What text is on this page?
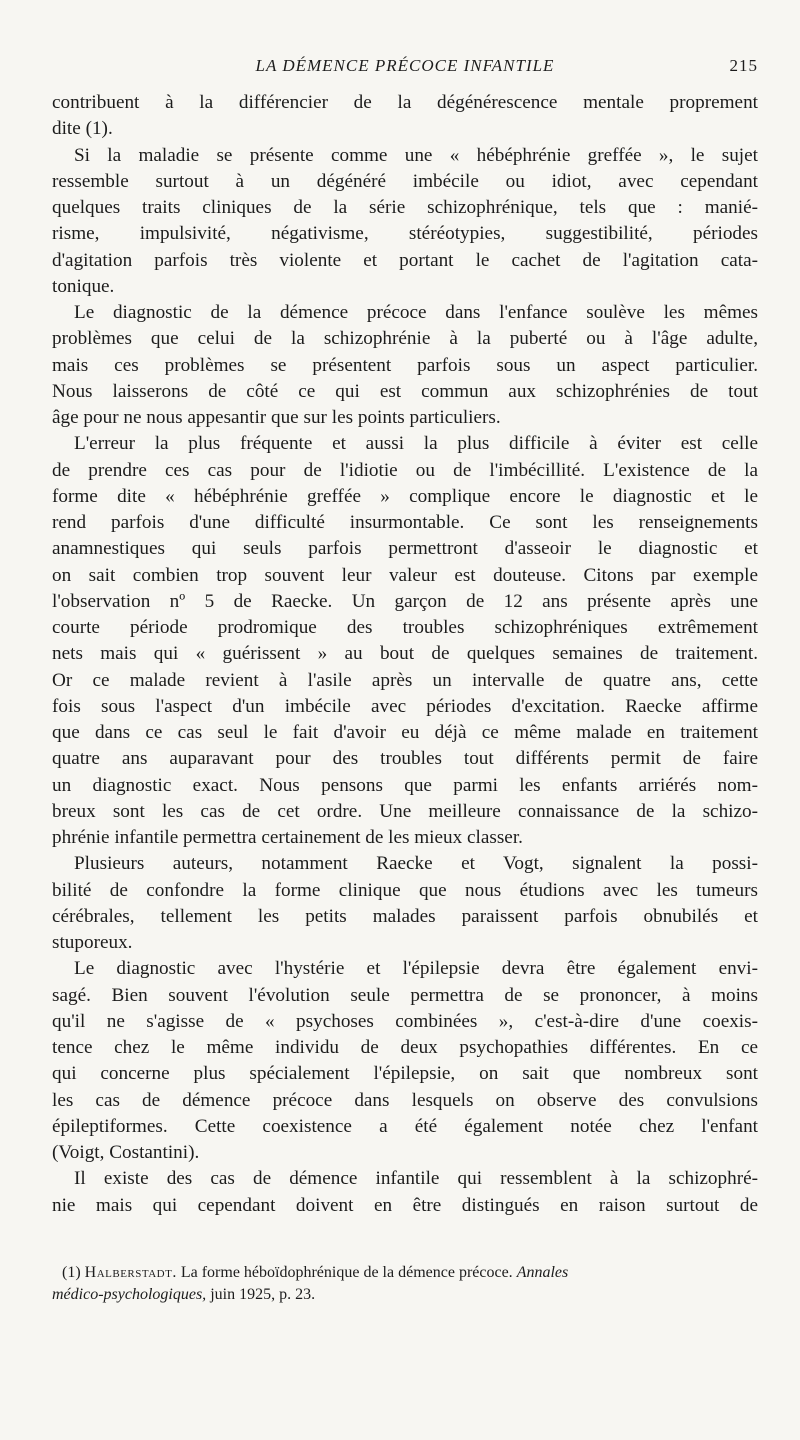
LA DÉMENCE PRÉCOCE INFANTILE	215
contribuent à la différencier de la dégénérescence mentale proprement
dite (1).
Si la maladie se présente comme une « hébéphrénie greffée », le sujet
ressemble surtout à un dégénéré imbécile ou idiot, avec cependant
quelques traits cliniques de la série schizophrénique, tels que : manié-
risme, impulsivité, négativisme, stéréotypies, suggestibilité, périodes
d'agitation parfois très violente et portant le cachet de l'agitation cata-
tonique.
Le diagnostic de la démence précoce dans l'enfance soulève les mêmes
problèmes que celui de la schizophrénie à la puberté ou à l'âge adulte,
mais ces problèmes se présentent parfois sous un aspect particulier.
Nous laisserons de côté ce qui est commun aux schizophrénies de tout
âge pour ne nous appesantir que sur les points particuliers.
L'erreur la plus fréquente et aussi la plus difficile à éviter est celle
de prendre ces cas pour de l'idiotie ou de l'imbécillité. L'existence de la
forme dite « hébéphrénie greffée » complique encore le diagnostic et le
rend parfois d'une difficulté insurmontable. Ce sont les renseignements
anamnestiques qui seuls parfois permettront d'asseoir le diagnostic et
on sait combien trop souvent leur valeur est douteuse. Citons par exemple
l'observation nº 5 de Raecke. Un garçon de 12 ans présente après une
courte période prodromique des troubles schizophréniques extrêmement
nets mais qui « guérissent » au bout de quelques semaines de traitement.
Or ce malade revient à l'asile après un intervalle de quatre ans, cette
fois sous l'aspect d'un imbécile avec périodes d'excitation. Raecke affirme
que dans ce cas seul le fait d'avoir eu déjà ce même malade en traitement
quatre ans auparavant pour des troubles tout différents permit de faire
un diagnostic exact. Nous pensons que parmi les enfants arriérés nom-
breux sont les cas de cet ordre. Une meilleure connaissance de la schizo-
phrénie infantile permettra certainement de les mieux classer.
Plusieurs auteurs, notamment Raecke et Vogt, signalent la possi-
bilité de confondre la forme clinique que nous étudions avec les tumeurs
cérébrales, tellement les petits malades paraissent parfois obnubilés et
stuporeux.
Le diagnostic avec l'hystérie et l'épilepsie devra être également envi-
sagé. Bien souvent l'évolution seule permettra de se prononcer, à moins
qu'il ne s'agisse de « psychoses combinées », c'est-à-dire d'une coexis-
tence chez le même individu de deux psychopathies différentes. En ce
qui concerne plus spécialement l'épilepsie, on sait que nombreux sont
les cas de démence précoce dans lesquels on observe des convulsions
épileptiformes. Cette coexistence a été également notée chez l'enfant
(Voigt, Costantini).
Il existe des cas de démence infantile qui ressemblent à la schizophré-
nie mais qui cependant doivent en être distingués en raison surtout de
(1) Halberstadt. La forme héboïdophrénique de la démence précoce. Annales
médico-psychologiques, juin 1925, p. 23.
